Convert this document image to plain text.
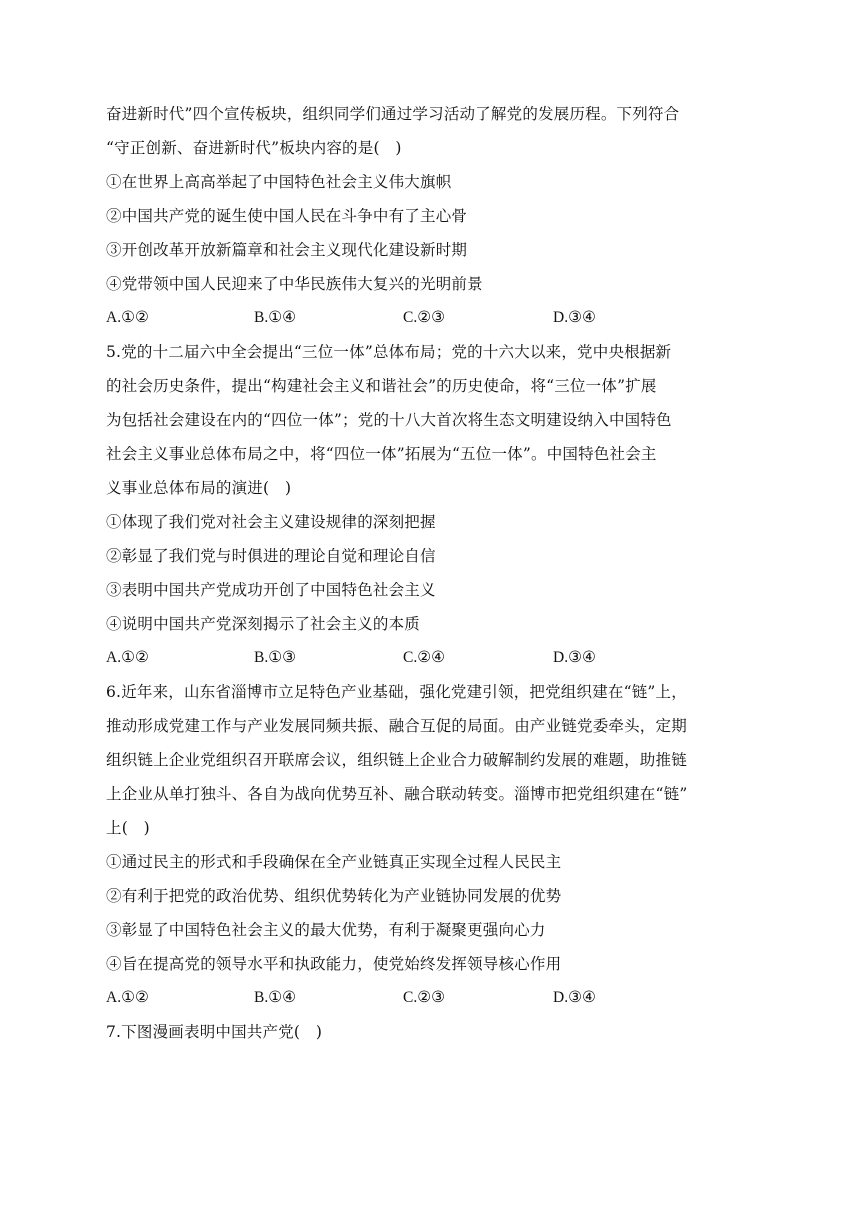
奋进新时代”四个宣传板块，组织同学们通过学习活动了解党的发展历程。下列符合
“守正创新、奋进新时代”板块内容的是(　)
①在世界上高高举起了中国特色社会主义伟大旗帜
②中国共产党的诞生使中国人民在斗争中有了主心骨
③开创改革开放新篇章和社会主义现代化建设新时期
④党带领中国人民迎来了中华民族伟大复兴的光明前景
A.①②	B.①④	C.②③	D.③④
5.党的十二届六中全会提出“三位一体”总体布局；党的十六大以来，党中央根据新
的社会历史条件，提出“构建社会主义和谐社会”的历史使命，将“三位一体”扩展
为包括社会建设在内的“四位一体”；党的十八大首次将生态文明建设纳入中国特色
社会主义事业总体布局之中，将“四位一体”拓展为“五位一体”。中国特色社会主
义事业总体布局的演进(　)
①体现了我们党对社会主义建设规律的深刻把握
②彰显了我们党与时俱进的理论自觉和理论自信
③表明中国共产党成功开创了中国特色社会主义
④说明中国共产党深刻揭示了社会主义的本质
A.①②	B.①③	C.②④	D.③④
6.近年来，山东省淄博市立足特色产业基础，强化党建引领，把党组织建在“链”上，
推动形成党建工作与产业发展同频共振、融合互促的局面。由产业链党委牵头，定期
组织链上企业党组织召开联席会议，组织链上企业合力破解制约发展的难题，助推链
上企业从单打独斗、各自为战向优势互补、融合联动转变。淄博市把党组织建在“链”
上(　)
①通过民主的形式和手段确保在全产业链真正实现全过程人民民主
②有利于把党的政治优势、组织优势转化为产业链协同发展的优势
③彰显了中国特色社会主义的最大优势，有利于凝聚更强向心力
④旨在提高党的领导水平和执政能力，使党始终发挥领导核心作用
A.①②	B.①④	C.②③	D.③④
7.下图漫画表明中国共产党(　)
